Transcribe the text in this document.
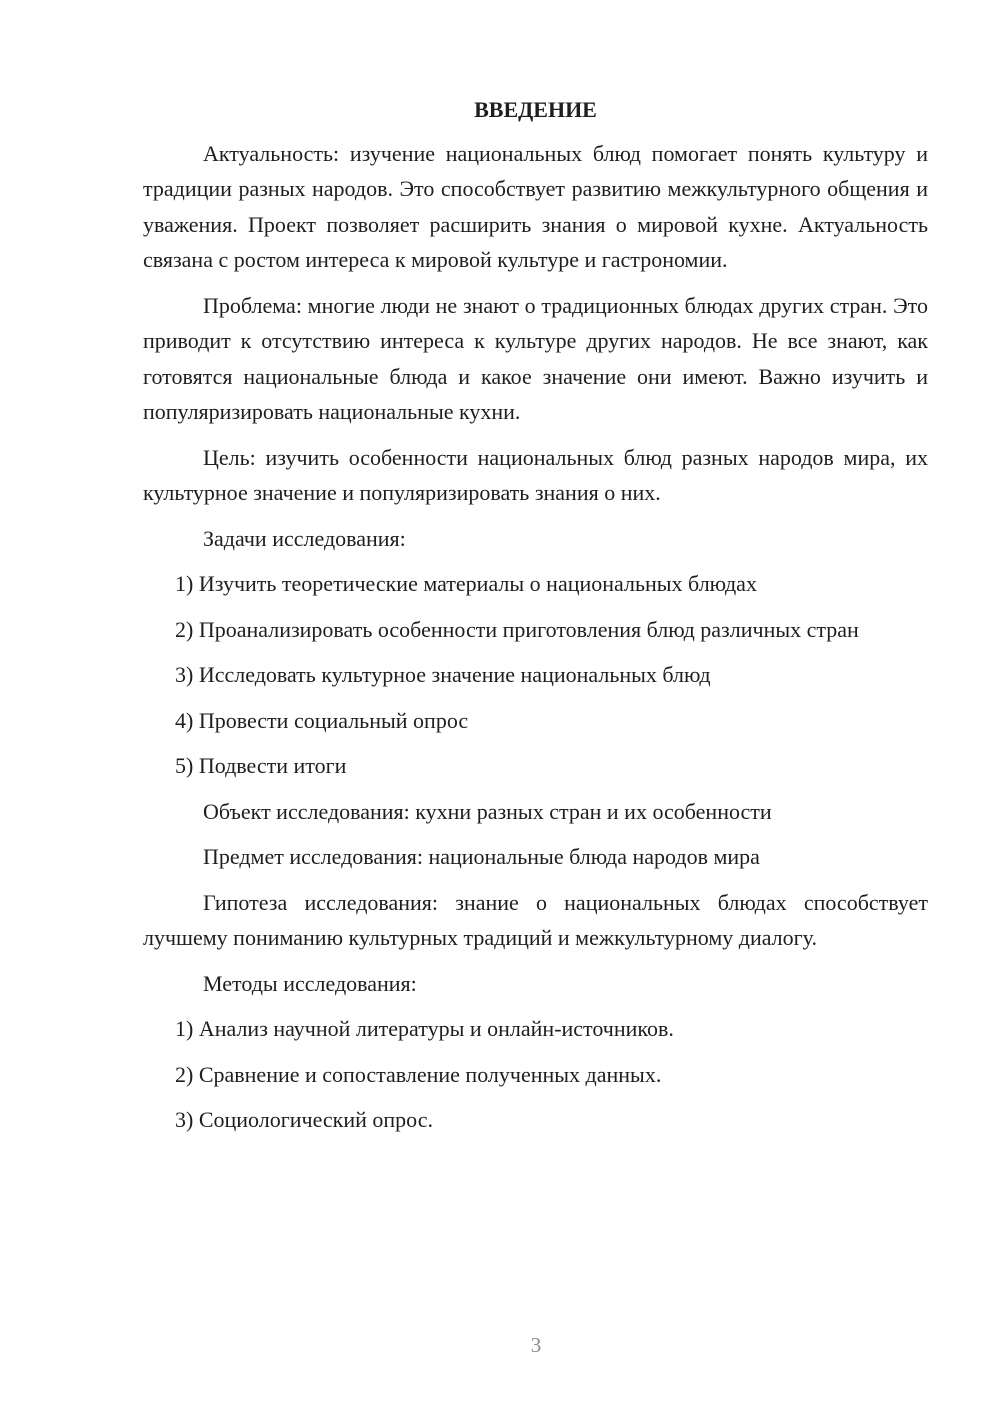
ВВЕДЕНИЕ

Актуальность: изучение национальных блюд помогает понять культуру и традиции разных народов. Это способствует развитию межкультурного общения и уважения. Проект позволяет расширить знания о мировой кухне. Актуальность связана с ростом интереса к мировой культуре и гастрономии.

Проблема: многие люди не знают о традиционных блюдах других стран. Это приводит к отсутствию интереса к культуре других народов. Не все знают, как готовятся национальные блюда и какое значение они имеют. Важно изучить и популяризировать национальные кухни.

Цель: изучить особенности национальных блюд разных народов мира, их культурное значение и популяризировать знания о них.

Задачи исследования:

1) Изучить теоретические материалы о национальных блюдах

2) Проанализировать особенности приготовления блюд различных стран

3) Исследовать культурное значение национальных блюд

4) Провести социальный опрос

5) Подвести итоги

Объект исследования: кухни разных стран и их особенности

Предмет исследования: национальные блюда народов мира

Гипотеза исследования: знание о национальных блюдах способствует лучшему пониманию культурных традиций и межкультурному диалогу.

Методы исследования:

1) Анализ научной литературы и онлайн-источников.

2) Сравнение и сопоставление полученных данных.

3) Социологический опрос.

3
